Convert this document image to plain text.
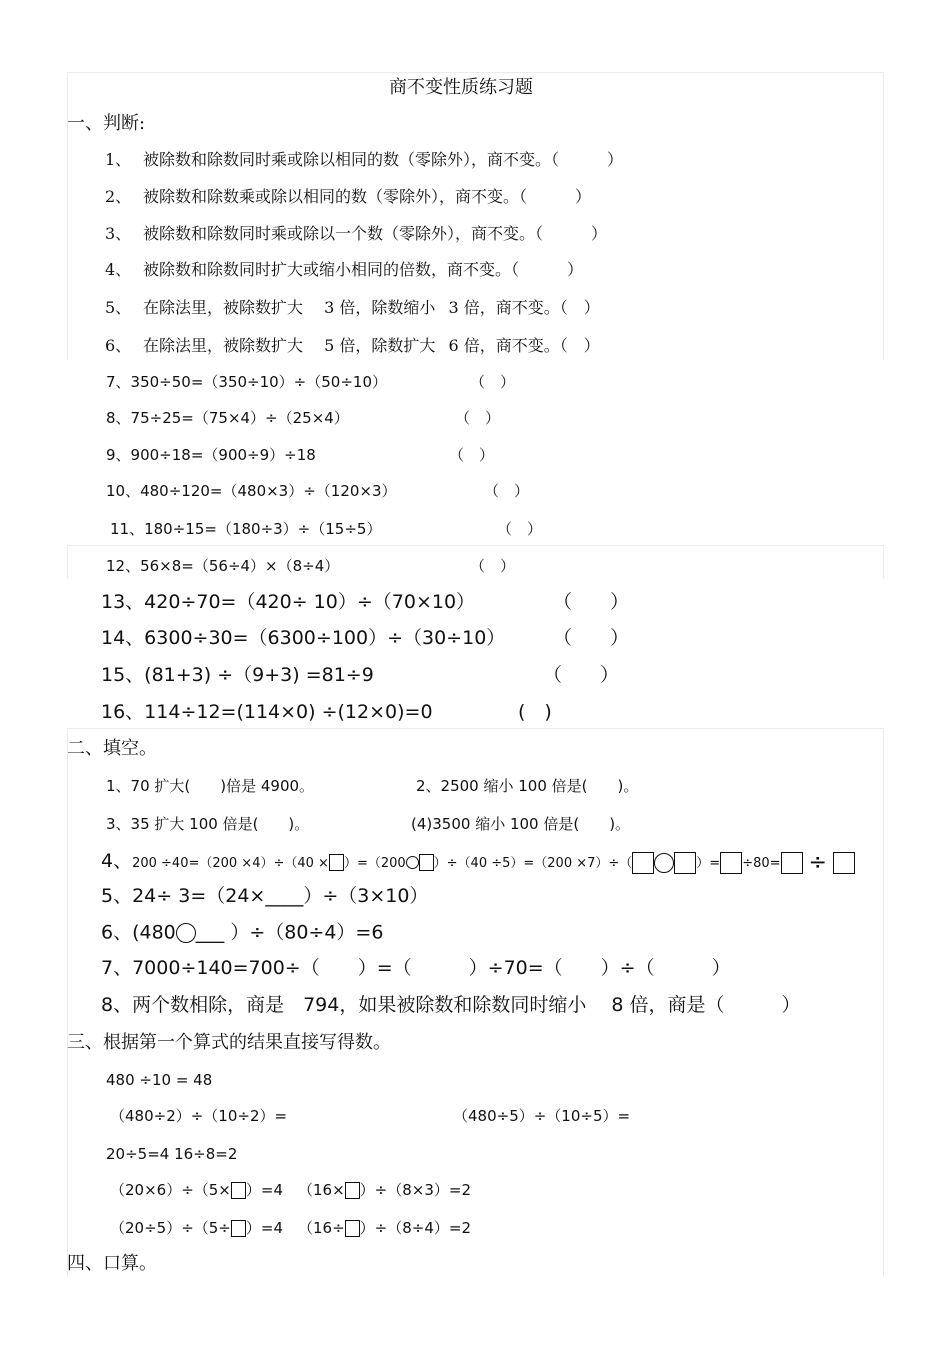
商不变性质练习题
一、判断:
1、 被除数和除数同时乘或除以相同的数（零除外），商不变。（　　　）
2、 被除数和除数乘或除以相同的数（零除外），商不变。（　　　）
3、 被除数和除数同时乘或除以一个数（零除外），商不变。（　　　）
4、 被除数和除数同时扩大或缩小相同的倍数，商不变。（　　　）
5、 在除法里，被除数扩大　 3 倍，除数缩小  3 倍，商不变。（　）
6、 在除法里，被除数扩大　 5 倍，除数扩大  6 倍，商不变。（　）
7、350÷50=（350÷10）÷（50÷10）	（　）
8、75÷25=（75×4）÷（25×4）	（　）
9、900÷18=（900÷9）÷18	（　）
10、480÷120=（480×3）÷（120×3）	（　）
11、180÷15=（180÷3）÷（15÷5）	（　）
12、56×8=（56÷4）×（8÷4）	（　）
13、420÷70=（420÷ 10）÷（70×10）	（　　）
14、6300÷30=（6300÷100）÷（30÷10）	（　　）
15、(81+3) ÷（9+3) =81÷9	（　　）
16、114÷12=(114×0) ÷(12×0)=0	(　)
二、填空。
1、70 扩大(　　)倍是 4900。	2、2500 缩小 100 倍是(　　)。
3、35 扩大 100 倍是(　　)。	(4)3500 缩小 100 倍是(　　)。
4、200 ÷40=（200 ×4）÷（40 × ）=（200 ）÷（40 ÷5）=（200 ×7）÷（	）= ÷80= ÷
5、24÷ 3=（24×____）÷（3×10）
6、(480 ___ ）÷（80÷4）=6
7、7000÷140=700÷（　　）=（　　　）÷70=（　　）÷（　　　）
8、两个数相除，商是　794，如果被除数和除数同时缩小　 8 倍，商是（　　　）
三、根据第一个算式的结果直接写得数。
480 ÷10 = 48
（480÷2）÷（10÷2）=	（480÷5）÷（10÷5）=
20÷5=4 16÷8=2
（20×6）÷（5× ）=4 （16× ）÷（8×3）=2
（20÷5）÷（5÷ ）=4 （16÷ ）÷（8÷4）=2
四、口算。
